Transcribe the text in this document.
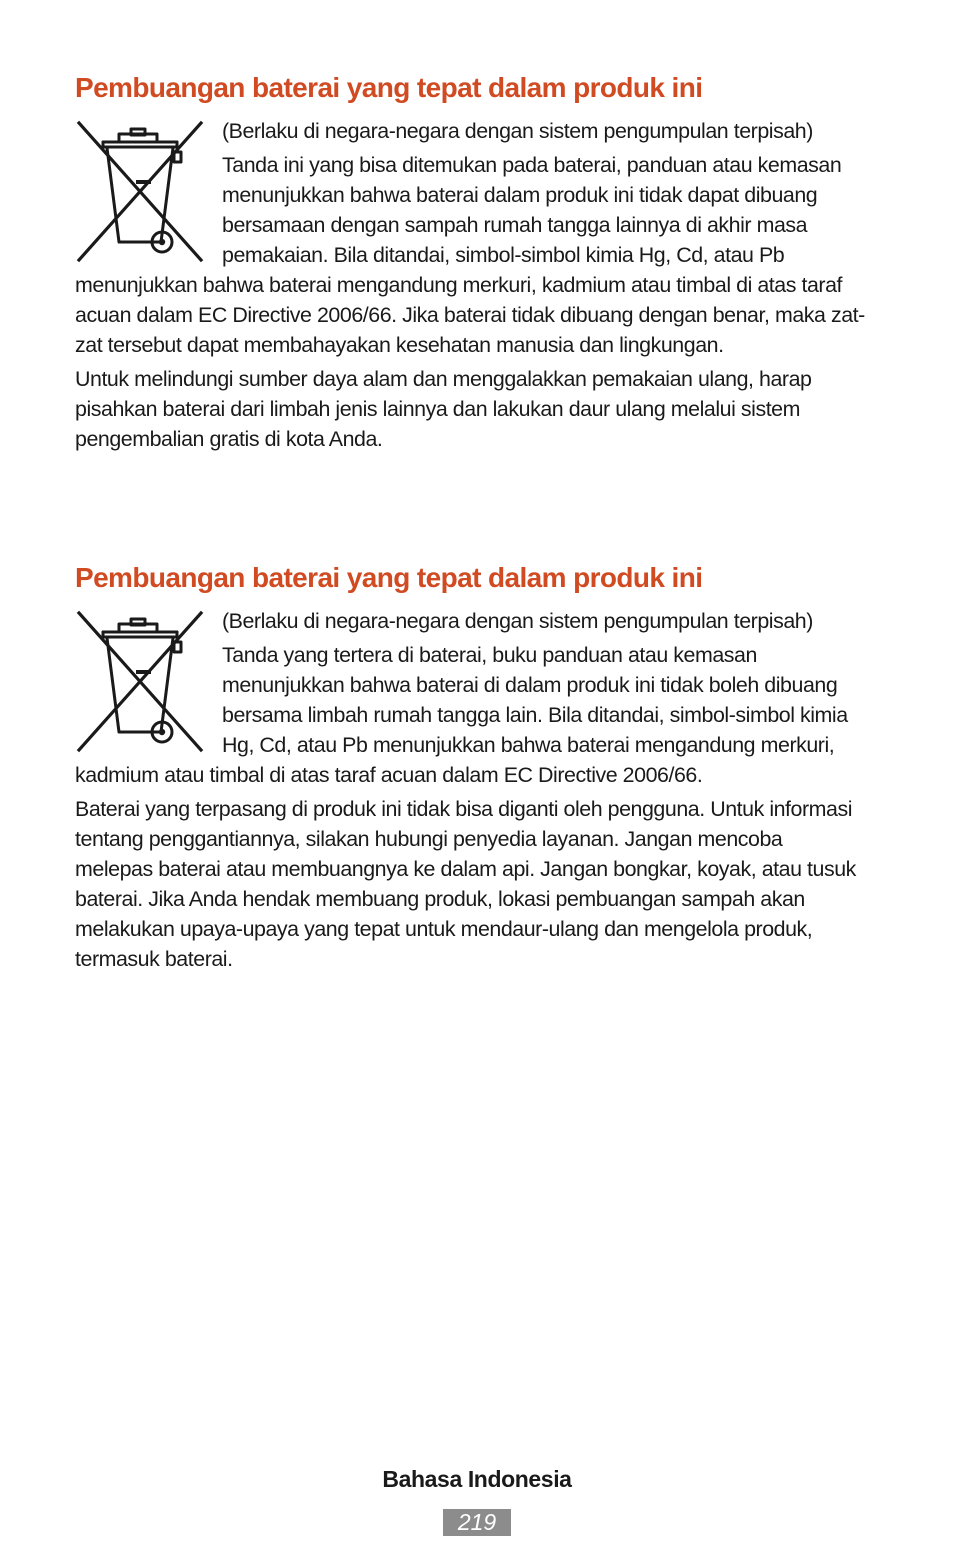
Pembuangan baterai yang tepat dalam produk ini

(Berlaku di negara-negara dengan sistem pengumpulan terpisah)

Tanda ini yang bisa ditemukan pada baterai, panduan atau kemasan menunjukkan bahwa baterai dalam produk ini tidak dapat dibuang bersamaan dengan sampah rumah tangga lainnya di akhir masa pemakaian. Bila ditandai, simbol-simbol kimia Hg, Cd, atau Pb menunjukkan bahwa baterai mengandung merkuri, kadmium atau timbal di atas taraf acuan dalam EC Directive 2006/66. Jika baterai tidak dibuang dengan benar, maka zat-zat tersebut dapat membahayakan kesehatan manusia dan lingkungan.

Untuk melindungi sumber daya alam dan menggalakkan pemakaian ulang, harap pisahkan baterai dari limbah jenis lainnya dan lakukan daur ulang melalui sistem pengembalian gratis di kota Anda.

Pembuangan baterai yang tepat dalam produk ini

(Berlaku di negara-negara dengan sistem pengumpulan terpisah)

Tanda yang tertera di baterai, buku panduan atau kemasan menunjukkan bahwa baterai di dalam produk ini tidak boleh dibuang bersama limbah rumah tangga lain. Bila ditandai, simbol-simbol kimia Hg, Cd, atau Pb menunjukkan bahwa baterai mengandung merkuri, kadmium atau timbal di atas taraf acuan dalam EC Directive 2006/66.

Baterai yang terpasang di produk ini tidak bisa diganti oleh pengguna. Untuk informasi tentang penggantiannya, silakan hubungi penyedia layanan. Jangan mencoba melepas baterai atau membuangnya ke dalam api. Jangan bongkar, koyak, atau tusuk baterai. Jika Anda hendak membuang produk, lokasi pembuangan sampah akan melakukan upaya-upaya yang tepat untuk mendaur-ulang dan mengelola produk, termasuk baterai.

Bahasa Indonesia
219
